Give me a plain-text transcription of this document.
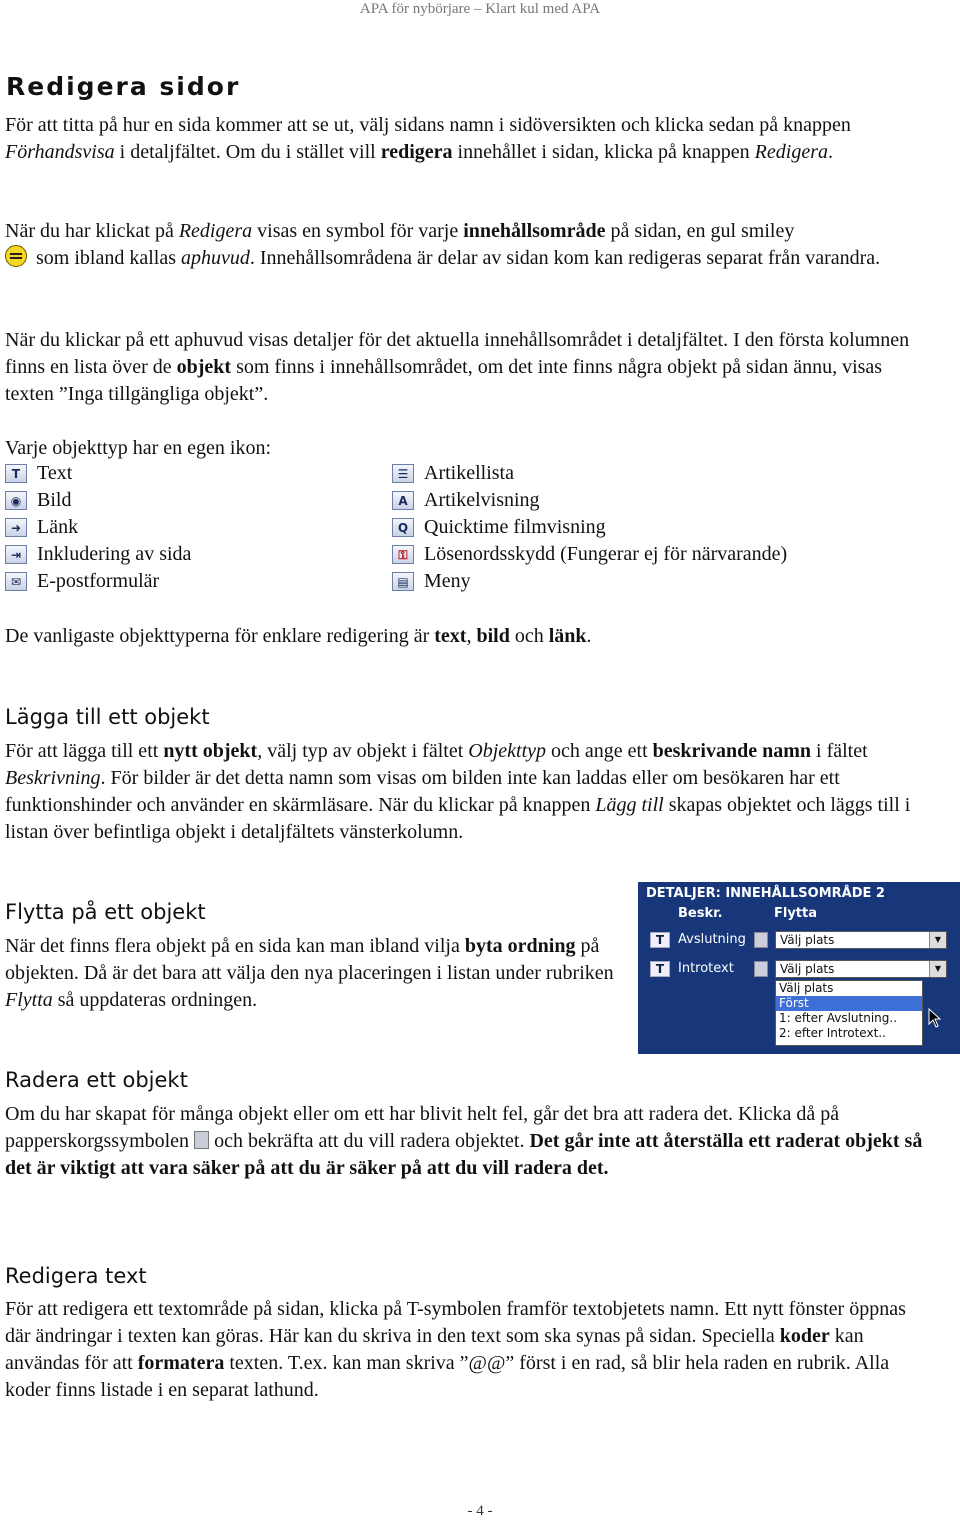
APA för nybörjare – Klart kul med APA
Redigera sidor

För att titta på hur en sida kommer att se ut, välj sidans namn i sidöversikten och klicka sedan på knappen Förhandsvisa i detaljfältet. Om du i stället vill redigera innehållet i sidan, klicka på knappen Redigera.

När du har klickat på Redigera visas en symbol för varje innehållsområde på sidan, en gul smiley
som ibland kallas aphuvud. Innehållsområdena är delar av sidan kom kan redigeras separat från varandra.

När du klickar på ett aphuvud visas detaljer för det aktuella innehållsområdet i detaljfältet. I den första kolumnen finns en lista över de objekt som finns i innehållsområdet, om det inte finns några objekt på sidan ännu, visas texten ”Inga tillgängliga objekt”.

Varje objekttyp har en egen ikon:
T Text
◉ Bild
➜ Länk
⇥ Inkludering av sida
✉ E-postformulär
☰ Artikellista
A Artikelvisning
Q Quicktime filmvisning
⚿ Lösenordsskydd (Fungerar ej för närvarande)
▤ Meny

De vanligaste objekttyperna för enklare redigering är text, bild och länk.

Lägga till ett objekt

För att lägga till ett nytt objekt, välj typ av objekt i fältet Objekttyp och ange ett beskrivande namn i fältet Beskrivning. För bilder är det detta namn som visas om bilden inte kan laddas eller om besökaren har ett funktionshinder och använder en skärmläsare. När du klickar på knappen Lägg till skapas objektet och läggs till i listan över befintliga objekt i detaljfältets vänsterkolumn.

Flytta på ett objekt

När det finns flera objekt på en sida kan man ibland vilja byta ordning på objekten. Då är det bara att välja den nya placeringen i listan under rubriken Flytta så uppdateras ordningen.

DETALJER: INNEHÅLLSOMRÅDE 2
Beskr.	Flytta
T	Avslutning	Välj plats	▼
T	Introtext	Välj plats	▼
Välj plats
Först
1: efter Avslutning..
2: efter Introtext..
Radera ett objekt

Om du har skapat för många objekt eller om ett har blivit helt fel, går det bra att radera det. Klicka då på papperskorgssymbolen  och bekräfta att du vill radera objektet. Det går inte att återställa ett raderat objekt så det är viktigt att vara säker på att du är säker på att du vill radera det.

Redigera text

För att redigera ett textområde på sidan, klicka på T-symbolen framför textobjetets namn. Ett nytt fönster öppnas där ändringar i texten kan göras. Här kan du skriva in den text som ska synas på sidan. Speciella koder kan användas för att formatera texten. T.ex. kan man skriva ”@@” först i en rad, så blir hela raden en rubrik. Alla koder finns listade i en separat lathund.

- 4 -
